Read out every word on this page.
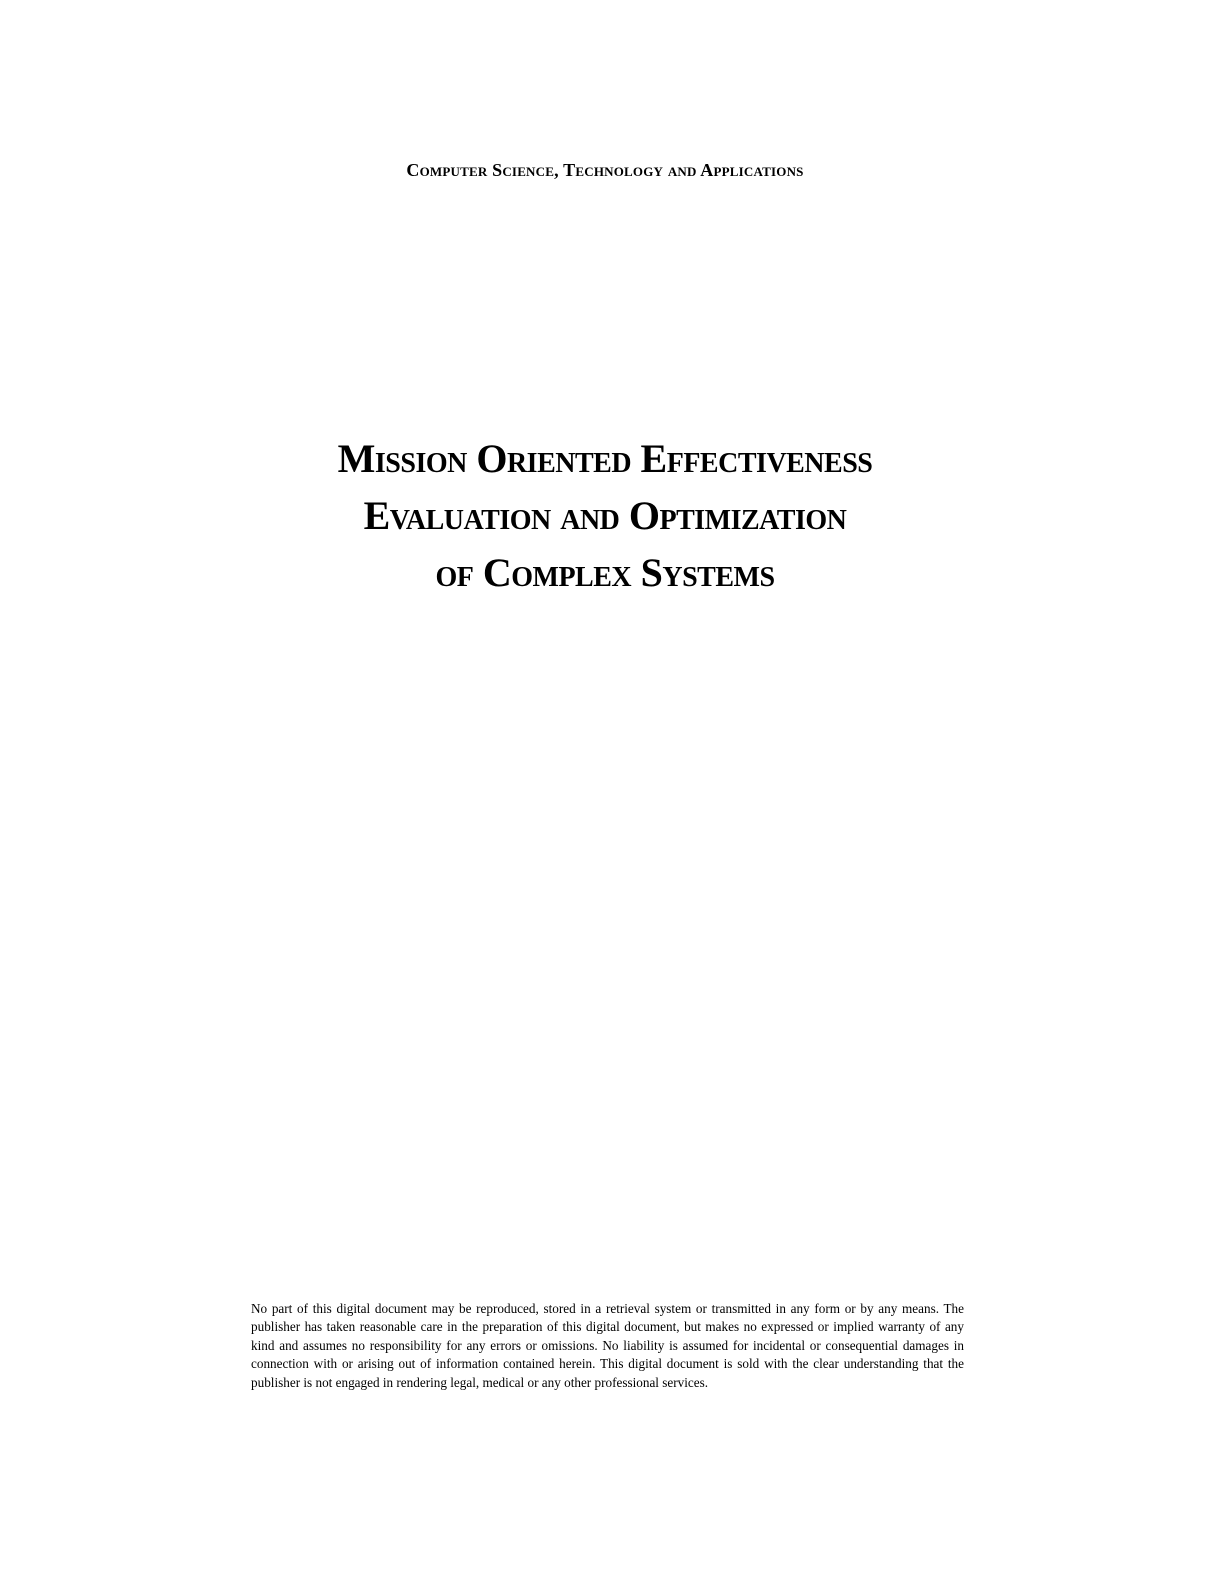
Computer Science, Technology and Applications
Mission Oriented Effectiveness
Evaluation and Optimization
of Complex Systems
No part of this digital document may be reproduced, stored in a retrieval system or transmitted in any form or by any means. The publisher has taken reasonable care in the preparation of this digital document, but makes no expressed or implied warranty of any kind and assumes no responsibility for any errors or omissions. No liability is assumed for incidental or consequential damages in connection with or arising out of information contained herein. This digital document is sold with the clear understanding that the publisher is not engaged in rendering legal, medical or any other professional services.
